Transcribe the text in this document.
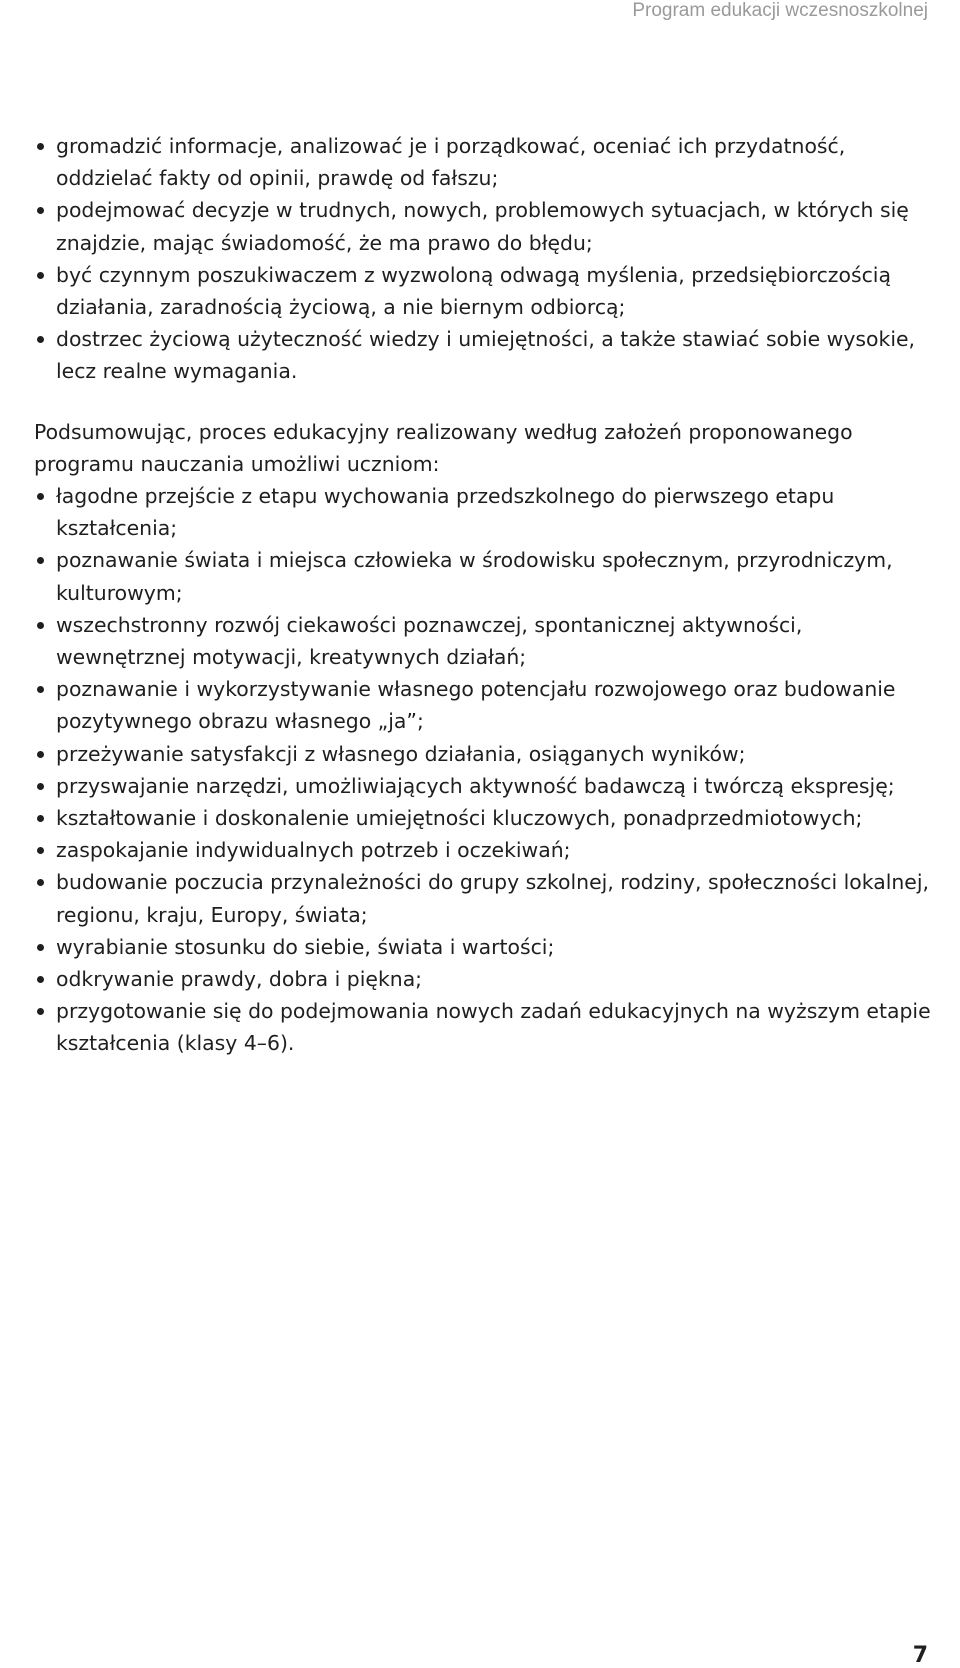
Program edukacji wczesnoszkolnej
gromadzić informacje, analizować je i porządkować, oceniać ich przydatność, oddzielać fakty od opinii, prawdę od fałszu;
podejmować decyzje w trudnych, nowych, problemowych sytuacjach, w których się znajdzie, mając świadomość, że ma prawo do błędu;
być czynnym poszukiwaczem z wyzwoloną odwagą myślenia, przedsiębiorczością działania, zaradnością życiową, a nie biernym odbiorcą;
dostrzec życiową użyteczność wiedzy i umiejętności, a także stawiać sobie wysokie, lecz realne wymagania.

Podsumowując, proces edukacyjny realizowany według założeń proponowanego programu nauczania umożliwi uczniom:

łagodne przejście z etapu wychowania przedszkolnego do pierwszego etapu kształcenia;
poznawanie świata i miejsca człowieka w środowisku społecznym, przyrodniczym, kulturowym;
wszechstronny rozwój ciekawości poznawczej, spontanicznej aktywności, wewnętrznej motywacji, kreatywnych działań;
poznawanie i wykorzystywanie własnego potencjału rozwojowego oraz budowanie pozytywnego obrazu własnego „ja”;
przeżywanie satysfakcji z własnego działania, osiąganych wyników;
przyswajanie narzędzi, umożliwiających aktywność badawczą i twórczą ekspresję;
kształtowanie i doskonalenie umiejętności kluczowych, ponadprzedmiotowych;
zaspokajanie indywidualnych potrzeb i oczekiwań;
budowanie poczucia przynależności do grupy szkolnej, rodziny, społeczności lokalnej, regionu, kraju, Europy, świata;
wyrabianie stosunku do siebie, świata i wartości;
odkrywanie prawdy, dobra i piękna;
przygotowanie się do podejmowania nowych zadań edukacyjnych na wyższym etapie kształcenia (klasy 4–6).
7
